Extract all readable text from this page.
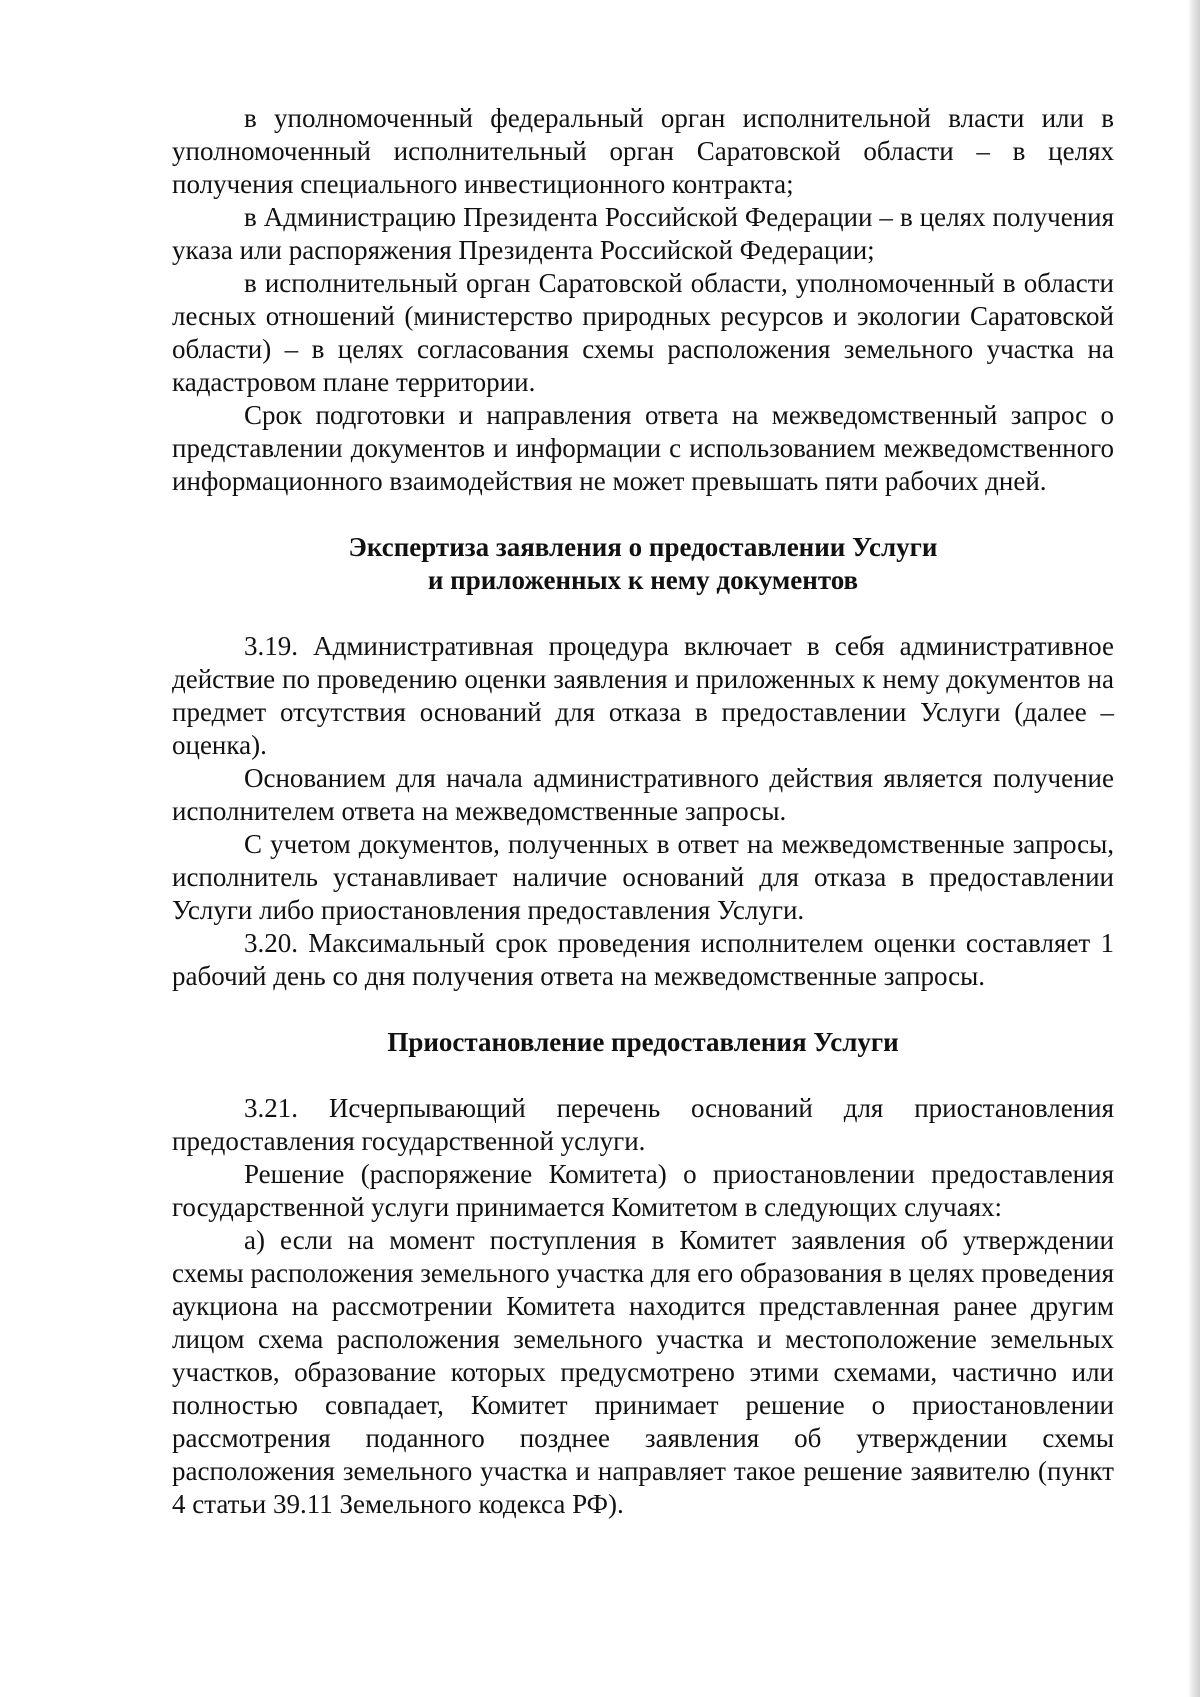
в уполномоченный федеральный орган исполнительной власти или в уполномоченный исполнительный орган Саратовской области – в целях получения специального инвестиционного контракта;

в Администрацию Президента Российской Федерации – в целях получения указа или распоряжения Президента Российской Федерации;

в исполнительный орган Саратовской области, уполномоченный в области лесных отношений (министерство природных ресурсов и экологии Саратовской области) – в целях согласования схемы расположения земельного участка на кадастровом плане территории.

Срок подготовки и направления ответа на межведомственный запрос о представлении документов и информации с использованием межведомственного информационного взаимодействия не может превышать пяти рабочих дней.

Экспертиза заявления о предоставлении Услуги

и приложенных к нему документов

3.19. Административная процедура включает в себя административное действие по проведению оценки заявления и приложенных к нему документов на предмет отсутствия оснований для отказа в предоставлении Услуги (далее – оценка).

Основанием для начала административного действия является получение исполнителем ответа на межведомственные запросы.

С учетом документов, полученных в ответ на межведомственные запросы, исполнитель устанавливает наличие оснований для отказа в предоставлении Услуги либо приостановления предоставления Услуги.

3.20. Максимальный срок проведения исполнителем оценки составляет 1 рабочий день со дня получения ответа на межведомственные запросы.

Приостановление предоставления Услуги

3.21. Исчерпывающий перечень оснований для приостановления предоставления государственной услуги.

Решение (распоряжение Комитета) о приостановлении предоставления государственной услуги принимается Комитетом в следующих случаях:

а) если на момент поступления в Комитет заявления об утверждении схемы расположения земельного участка для его образования в целях проведения аукциона на рассмотрении Комитета находится представленная ранее другим лицом схема расположения земельного участка и местоположение земельных участков, образование которых предусмотрено этими схемами, частично или полностью совпадает, Комитет принимает решение о приостановлении рассмотрения поданного позднее заявления об утверждении схемы расположения земельного участка и направляет такое решение заявителю (пункт 4 статьи 39.11 Земельного кодекса РФ).
